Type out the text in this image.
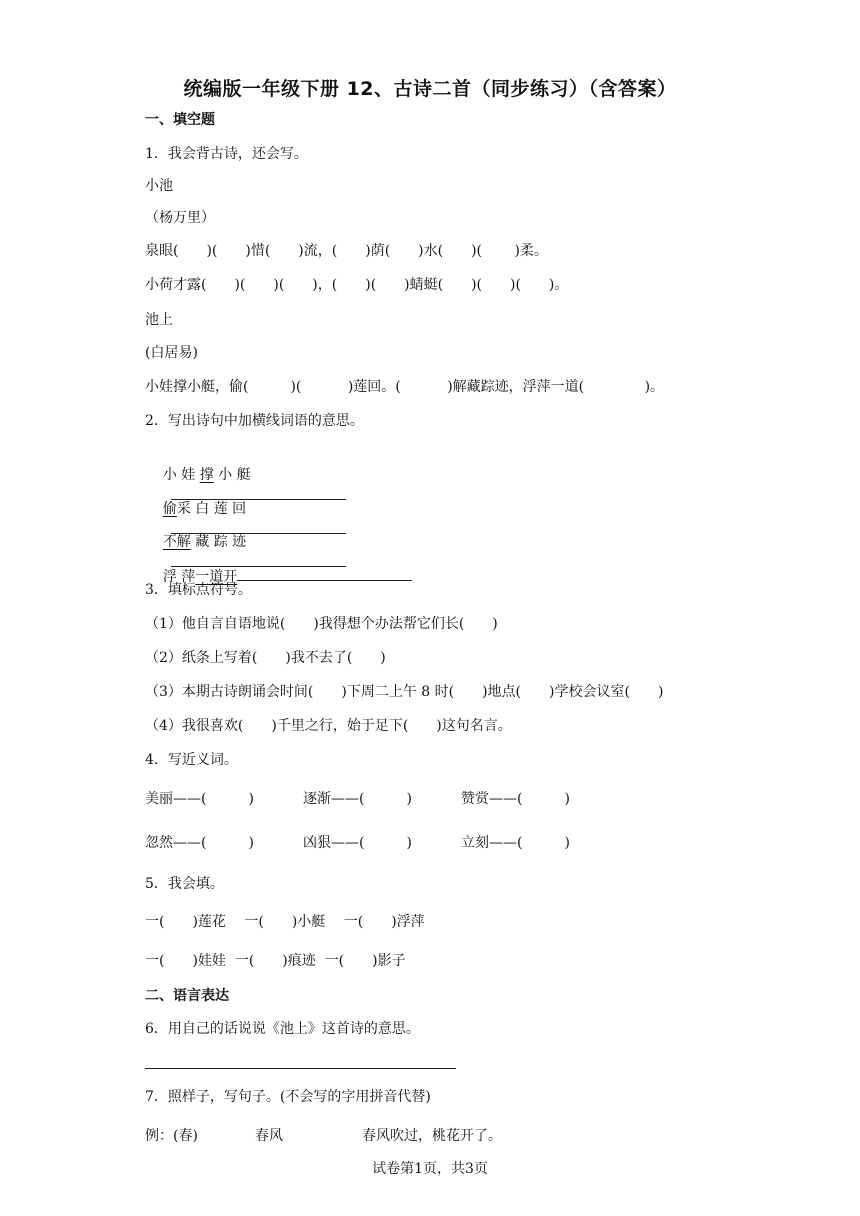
统编版一年级下册 12、古诗二首（同步练习）（含答案）
一、填空题
1．我会背古诗，还会写。
小池
（杨万里）
泉眼(　　)(　　)惜(　　)流，(　　)荫(　　)水(　　)(　　 )柔。
小荷才露(　　)(　　)(　　)，(　　)(　　)蜻蜓(　　)(　　)(　　)。
池上
(白居易)
小娃撑小艇，偷(　　　)(　　　 )莲回。(　　　 )解藏踪迹，浮萍一道(　　　　 )。
2．写出诗句中加横线词语的意思。

小 娃 撑 小 艇

偷采 白 莲 回

不解 藏 踪 迹

浮 萍一道开

3．填标点符号。
（1）他自言自语地说(　　)我得想个办法帮它们长(　　)
（2）纸条上写着(　　)我不去了(　　)
（3）本期古诗朗诵会时间(　　)下周二上午 8 时(　　)地点(　　)学校会议室(　　)
（4）我很喜欢(　　)千里之行，始于足下(　　)这句名言。
4．写近义词。
美丽——(　　　)	逐渐——(　　　)	赞赏——(　　　)
忽然——(　　　)	凶狠——(　　　)	立刻——(　　　)
5．我会填。
一(　　)莲花　 一(　　)小艇 　一(　　)浮萍
一(　　)娃娃  一(　　)痕迹  一(　　)影子
二、语言表达
6．用自己的话说说《池上》这首诗的意思。
7．照样子，写句子。(不会写的字用拼音代替)
例：(春)	春风	春风吹过，桃花开了。
试卷第1页，共3页
